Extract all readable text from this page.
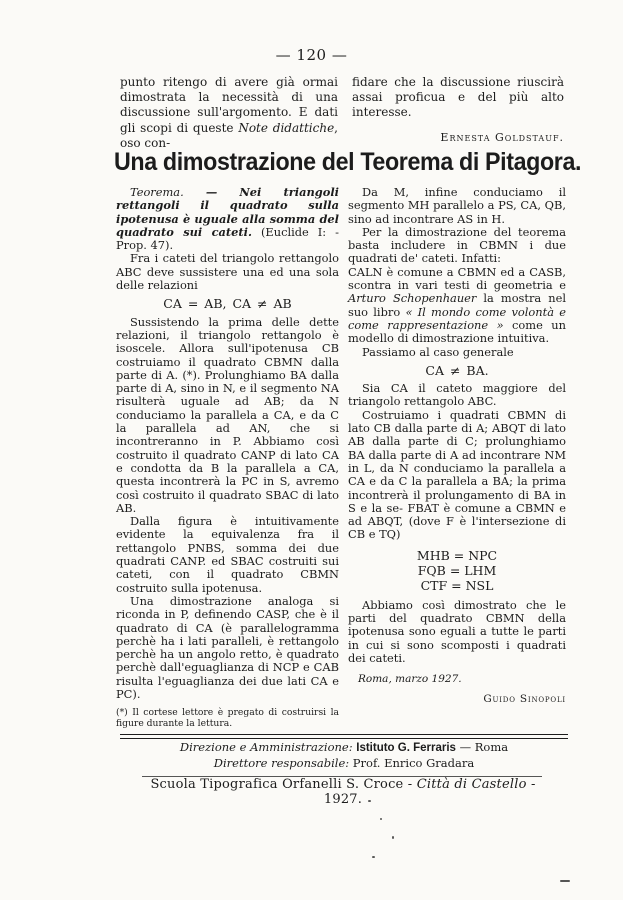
— 120 —
punto ritengo di avere già ormai dimostrata la necessità di una discussione sull'argomento. E dati gli scopi di queste Note didattiche, oso con-
fidare che la discussione riuscirà assai proficua e del più alto interesse.
Ernesta Goldstauf.
Una dimostrazione del Teorema di Pitagora.

Teorema. — Nei triangoli rettangoli il quadrato sulla ipotenusa è uguale alla somma del quadrato sui cateti. (Euclide I: - Prop. 47).

Fra i cateti del triangolo rettangolo ABC deve sussistere una ed una sola delle relazioni

CA = AB, CA ≠ AB

Sussistendo la prima delle dette relazioni, il triangolo rettangolo è isoscele. Allora sull'ipotenusa CB costruiamo il quadrato CBMN dalla parte di A. (*). Prolunghiamo BA dalla parte di A, sino in N, e il segmento NA risulterà uguale ad AB; da N conduciamo la parallela a CA, e da C la parallela ad AN, che si incontreranno in P. Abbiamo così costruito il quadrato CANP di lato CA e condotta da B la parallela a CA, questa incontrerà la PC in S, avremo così costruito il quadrato SBAC di lato AB.

Dalla figura è intuitivamente evidente la equivalenza fra il rettangolo PNBS, somma dei due quadrati CANP. ed SBAC costruiti sui cateti, con il quadrato CBMN costruito sulla ipotenusa.

Una dimostrazione analoga si riconda in P, definendo CASP, che è il quadrato di CA (è parallelogramma perchè ha i lati paralleli, è rettangolo perchè ha un angolo retto, è quadrato perchè dall'eguaglianza di NCP e CAB risulta l'eguaglianza dei due lati CA e PC).

(*) Il cortese lettore è pregato di costruirsi la figure durante la lettura.

Da M, infine conduciamo il segmento MH parallelo a PS, CA, QB, sino ad incontrare AS in H.

Per la dimostrazione del teorema basta includere in CBMN i due quadrati de' cateti. Infatti:

CALN è comune a CBMN ed a CASB, scontra in vari testi di geometria e Arturo Schopenhauer la mostra nel suo libro « Il mondo come volontà e come rappresentazione » come un modello di dimostrazione intuitiva.

Passiamo al caso generale

CA ≠ BA.

Sia CA il cateto maggiore del triangolo rettangolo ABC.

Costruiamo i quadrati CBMN di lato CB dalla parte di A; ABQT di lato AB dalla parte di C; prolunghiamo BA dalla parte di A ad incontrare NM in L, da N conduciamo la parallela a CA e da C la parallela a BA; la prima incontrerà il prolungamento di BA in S e la se- FBAT è comune a CBMN e ad ABQT, (dove F è l'intersezione di CB e TQ)

MHB = NPC
FQB = LHM
CTF = NSL

Abbiamo così dimostrato che le parti del quadrato CBMN della ipotenusa sono eguali a tutte le parti in cui si sono scomposti i quadrati dei cateti.

Roma, marzo 1927.

Guido Sinopoli
Direzione e Amministrazione: Istituto G. Ferraris — Roma
Direttore responsabile: Prof. Enrico Gradara
Scuola Tipografica Orfanelli S. Croce - Città di Castello - 1927.
